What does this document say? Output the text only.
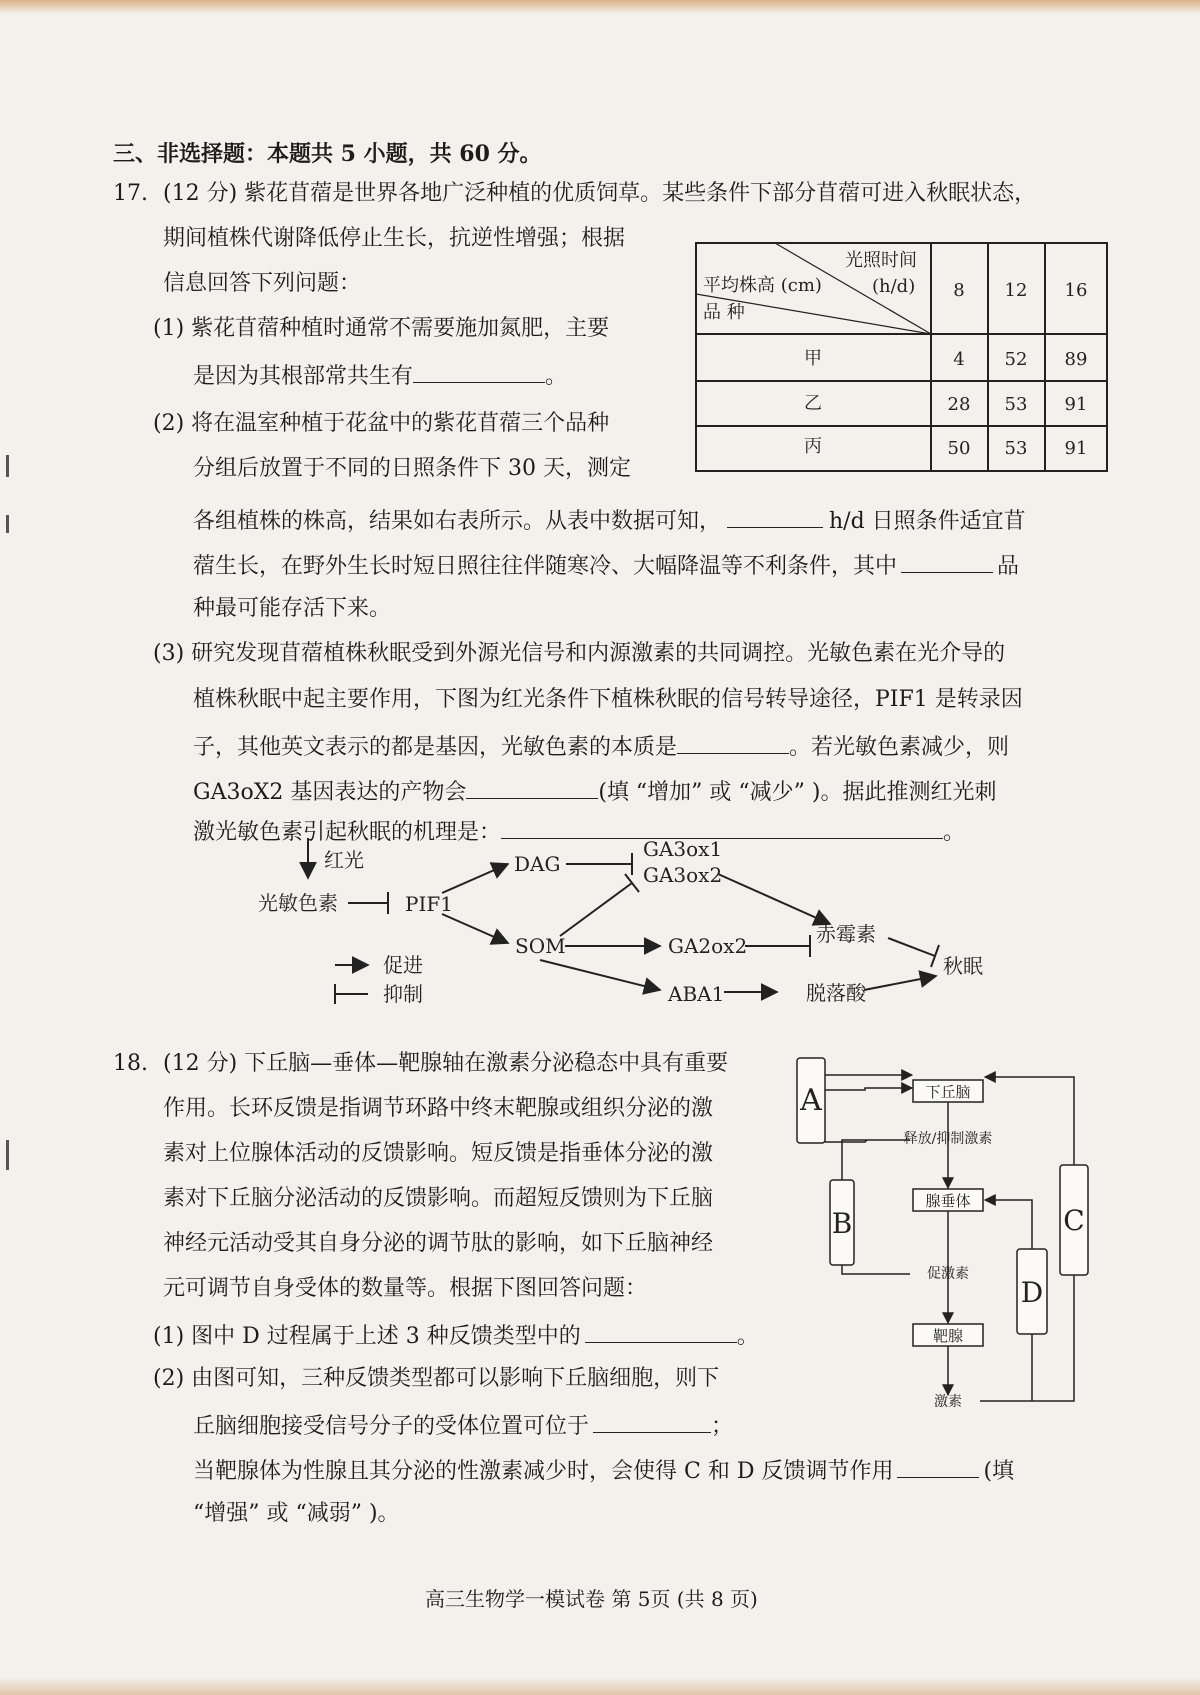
三、非选择题：本题共 5 小题，共 60 分。
17. (12 分) 紫花苜蓿是世界各地广泛种植的优质饲草。某些条件下部分苜蓿可进入秋眠状态，
期间植株代谢降低停止生长，抗逆性增强；根据
信息回答下列问题：
(1) 紫花苜蓿种植时通常不需要施加氮肥，主要
是因为其根部常共生有	。
(2) 将在温室种植于花盆中的紫花苜蓿三个品种
分组后放置于不同的日照条件下 30 天，测定
各组植株的株高，结果如右表所示。从表中数据可知，	h/d 日照条件适宜苜
蓿生长，在野外生长时短日照往往伴随寒冷、大幅降温等不利条件，其中	品
种最可能存活下来。
(3) 研究发现苜蓿植株秋眠受到外源光信号和内源激素的共同调控。光敏色素在光介导的
植株秋眠中起主要作用，下图为红光条件下植株秋眠的信号转导途径，PIF1 是转录因
子，其他英文表示的都是基因，光敏色素的本质是	。若光敏色素减少，则
GA3oX2 基因表达的产物会	(填 “增加” 或 “减少” )。据此推测红光刺
激光敏色素引起秋眠的机理是：	。
光照时间
(h/d)
平均株高 (cm)
品 种
8 12 16
甲	4 52 89
乙	28 53 91
丙	50 53 91
红光
光敏色素	PIF1
DAG
GA3ox1
GA3ox2
SOM	GA2ox2	赤霉素
ABA1	脱落酸
秋眠
促进
抑制
18. (12 分) 下丘脑—垂体—靶腺轴在激素分泌稳态中具有重要
作用。长环反馈是指调节环路中终末靶腺或组织分泌的激
素对上位腺体活动的反馈影响。短反馈是指垂体分泌的激
素对下丘脑分泌活动的反馈影响。而超短反馈则为下丘脑
神经元活动受其自身分泌的调节肽的影响，如下丘脑神经
元可调节自身受体的数量等。根据下图回答问题：
(1) 图中 D 过程属于上述 3 种反馈类型中的	。
(2) 由图可知，三种反馈类型都可以影响下丘脑细胞，则下
丘脑细胞接受信号分子的受体位置可位于	；
当靶腺体为性腺且其分泌的性激素减少时，会使得 C 和 D 反馈调节作用	(填
“增强” 或 “减弱” )。
A
B	C
D
下丘脑
释放/抑制激素
腺垂体
促激素
靶腺
激素
高三生物学一模试卷 第 5页 (共 8 页)
